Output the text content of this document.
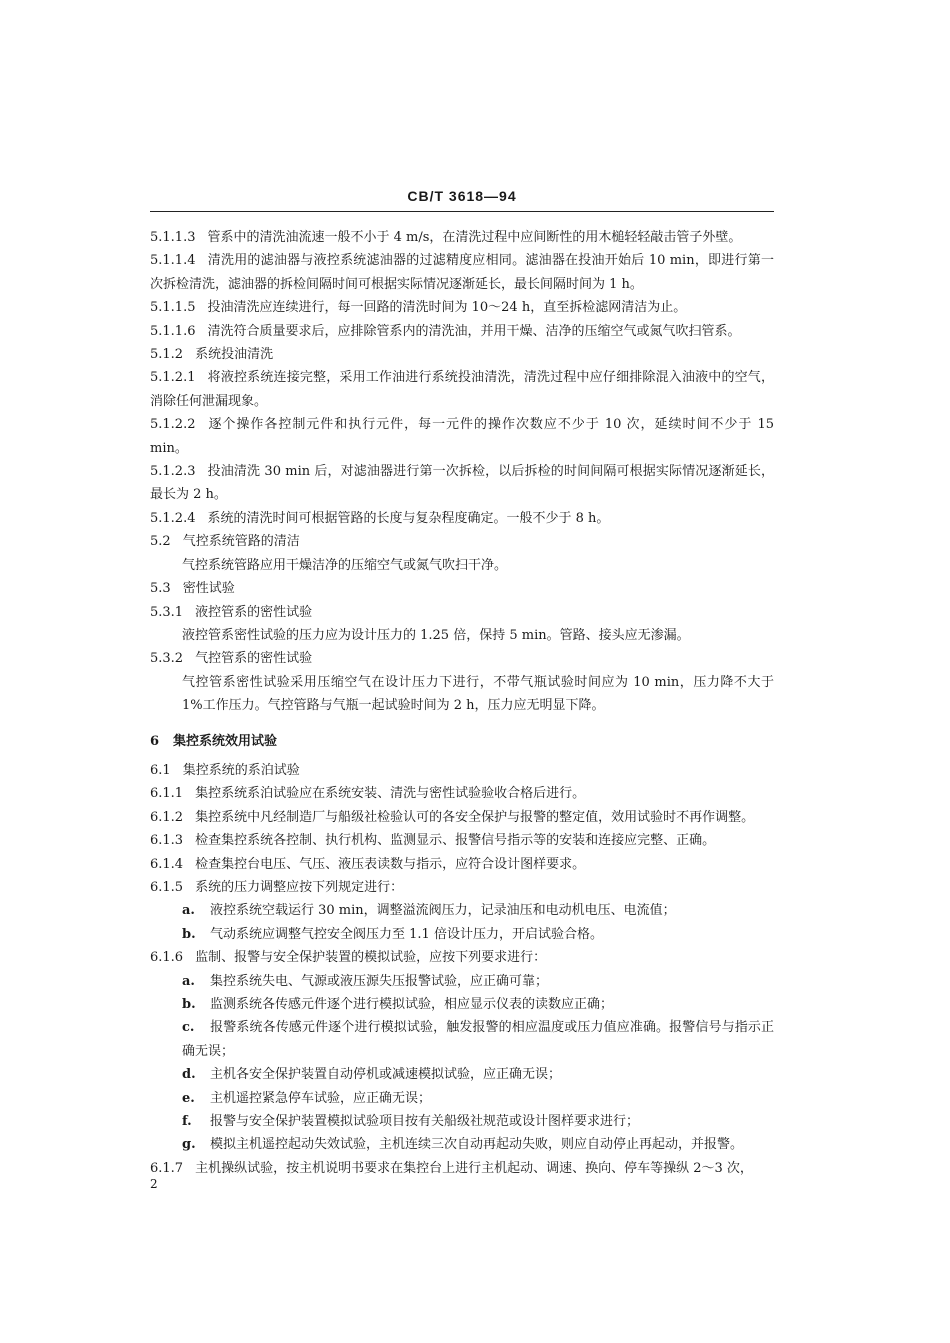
CB/T 3618—94
5.1.1.3 管系中的清洗油流速一般不小于 4 m/s，在清洗过程中应间断性的用木槌轻轻敲击管子外壁。
5.1.1.4 清洗用的滤油器与液控系统滤油器的过滤精度应相同。滤油器在投油开始后 10 min，即进行第一次拆检清洗，滤油器的拆检间隔时间可根据实际情况逐渐延长，最长间隔时间为 1 h。
5.1.1.5 投油清洗应连续进行，每一回路的清洗时间为 10～24 h，直至拆检滤网清洁为止。
5.1.1.6 清洗符合质量要求后，应排除管系内的清洗油，并用干燥、洁净的压缩空气或氮气吹扫管系。
5.1.2 系统投油清洗
5.1.2.1 将液控系统连接完整，采用工作油进行系统投油清洗，清洗过程中应仔细排除混入油液中的空气，消除任何泄漏现象。
5.1.2.2 逐个操作各控制元件和执行元件，每一元件的操作次数应不少于 10 次，延续时间不少于 15 min。
5.1.2.3 投油清洗 30 min 后，对滤油器进行第一次拆检，以后拆检的时间间隔可根据实际情况逐渐延长，最长为 2 h。
5.1.2.4 系统的清洗时间可根据管路的长度与复杂程度确定。一般不少于 8 h。
5.2 气控系统管路的清洁
气控系统管路应用干燥洁净的压缩空气或氮气吹扫干净。
5.3 密性试验
5.3.1 液控管系的密性试验
液控管系密性试验的压力应为设计压力的 1.25 倍，保持 5 min。管路、接头应无渗漏。
5.3.2 气控管系的密性试验
气控管系密性试验采用压缩空气在设计压力下进行，不带气瓶试验时间应为 10 min，压力降不大于 1%工作压力。气控管路与气瓶一起试验时间为 2 h，压力应无明显下降。
6 集控系统效用试验
6.1 集控系统的系泊试验
6.1.1 集控系统系泊试验应在系统安装、清洗与密性试验验收合格后进行。
6.1.2 集控系统中凡经制造厂与船级社检验认可的各安全保护与报警的整定值，效用试验时不再作调整。
6.1.3 检查集控系统各控制、执行机构、监测显示、报警信号指示等的安装和连接应完整、正确。
6.1.4 检查集控台电压、气压、液压表读数与指示，应符合设计图样要求。
6.1.5 系统的压力调整应按下列规定进行：
a. 液控系统空载运行 30 min，调整溢流阀压力，记录油压和电动机电压、电流值；
b. 气动系统应调整气控安全阀压力至 1.1 倍设计压力，开启试验合格。
6.1.6 监制、报警与安全保护装置的模拟试验，应按下列要求进行：
a. 集控系统失电、气源或液压源失压报警试验，应正确可靠；
b. 监测系统各传感元件逐个进行模拟试验，相应显示仪表的读数应正确；
c. 报警系统各传感元件逐个进行模拟试验，触发报警的相应温度或压力值应准确。报警信号与指示正确无误；
d. 主机各安全保护装置自动停机或减速模拟试验，应正确无误；
e. 主机遥控紧急停车试验，应正确无误；
f. 报警与安全保护装置模拟试验项目按有关船级社规范或设计图样要求进行；
g. 模拟主机遥控起动失效试验，主机连续三次自动再起动失败，则应自动停止再起动，并报警。
6.1.7 主机操纵试验，按主机说明书要求在集控台上进行主机起动、调速、换向、停车等操纵 2～3 次，
2
